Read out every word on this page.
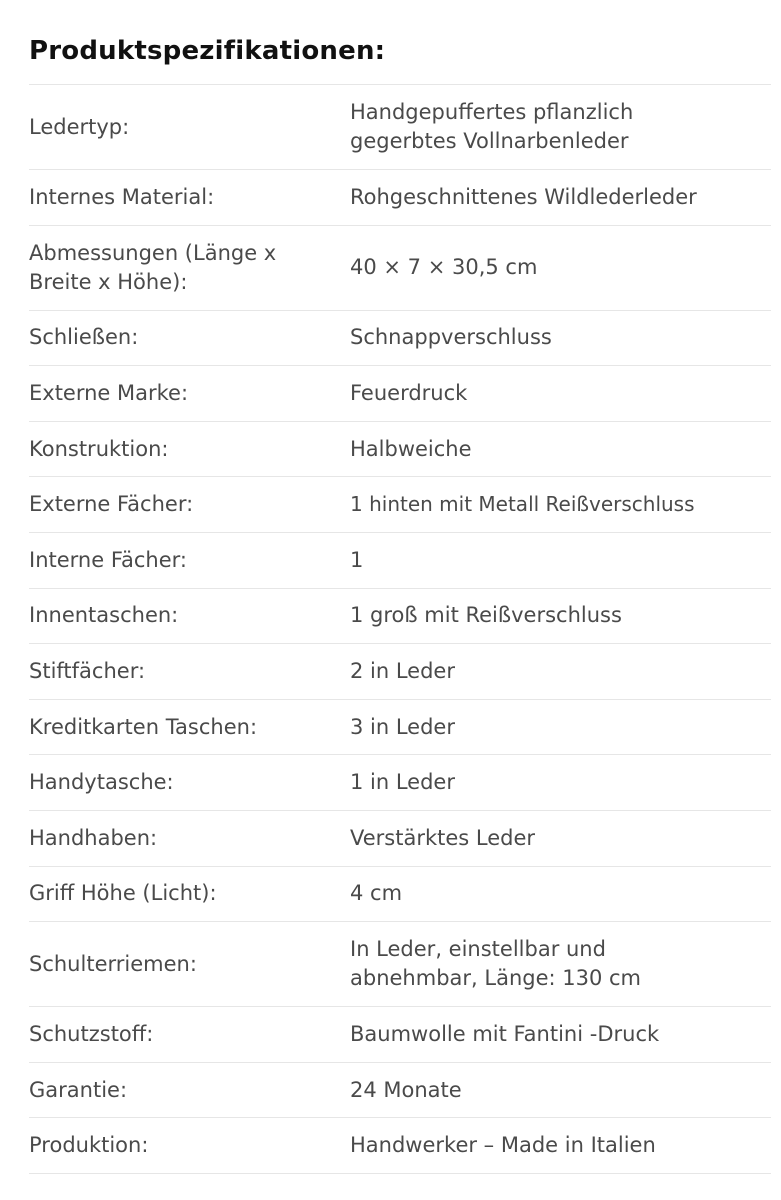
Produktspezifikationen:
Ledertyp:
Handgepuffertes pflanzlich gegerbtes Vollnarbenleder
Internes Material:	Rohgeschnittenes Wildlederleder
Abmessungen (Länge x Breite x Höhe):
40 × 7 × 30,5 cm
Schließen:	Schnappverschluss
Externe Marke:	Feuerdruck
Konstruktion:	Halbweiche
Externe Fächer:	1 hinten mit Metall Reißverschluss
Interne Fächer:	1
Innentaschen:	1 groß mit Reißverschluss
Stiftfächer:	2 in Leder
Kreditkarten Taschen:	3 in Leder
Handytasche:	1 in Leder
Handhaben:	Verstärktes Leder
Griff Höhe (Licht):	4 cm
Schulterriemen:
In Leder, einstellbar und abnehmbar, Länge: 130 cm
Schutzstoff:	Baumwolle mit Fantini -Druck
Garantie:	24 Monate
Produktion:	Handwerker – Made in Italien
